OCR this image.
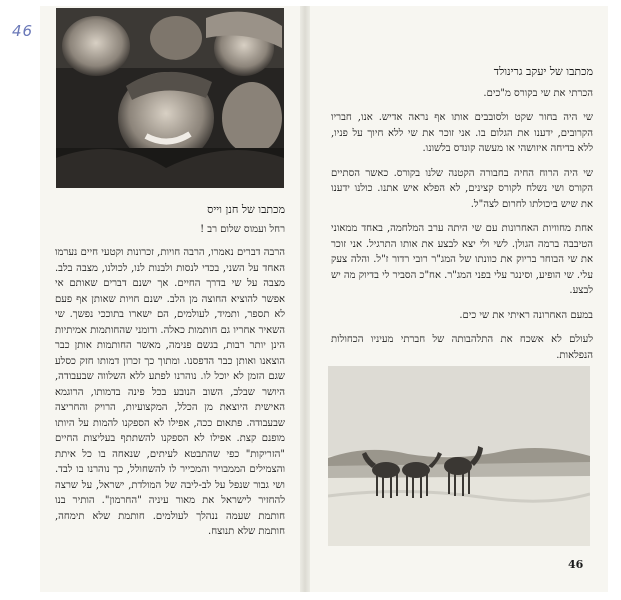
46
מכתבו של יעקב גרינולד

הכרתי את שי בקורס מ"כים.

שי היה בחור שקט ולסובבים אותו אף נראה אדיש. אנו, חבריו הקרובים, ידענו את הגלום בו. אני זוכר את שי ללא חיוך על פניו, ללא בדיחה איזושהי או מעשה קונדס בלשונו.

שי היה הרוח החיה בחבורה הקטנה שלנו בקורס. כאשר הסתיים הקורס ושי נשלח לקורס קצינים, לא הפלא איש אתנו. כולנו ידענו את שיש ביכולתו לחרום לצה"ל.

אחת מחוויות האחרונות עם שי היתה ערב המלחמה, באחד ממאוני הטיבבה ברמה הגולן. לשי ולי יצא לבצע את אותו התרגיל. אני זוכר את שי הבוחר בריוק את כוונתו של המג"ר רובי רדור ז"ל. והלה צעק עלי. שי הופיע, וסינגר עלי בפני המג"ר. אח"כ הסביר לי בדיוק מה יש לבצע.

במעם האחרונה ראיתי את שי כים.

לעולם לא אשכח את התלהבותה של חברתי מעיניו הכחולות הנפלאות.

מכתבו של חנן וייס
רחל ועמוס שלום רב !

הרבה דברים נאמרו, הרבה חויות, זכרונות וקטעי חיים נערמו האחד על השני, בכדי לנסות ולבנות לנו, לכולנו, מצבה בלב. מצבה על שי בדרך החיים. אך ישנם דברים שאותם אי אפשר להוציא החוצה מן הלב. ישנם חויות שאותן אף פעם לא תספר, ותמיד, לעולמים, הם ישארו בתוככי נפשך. שי השאיר אחריו גם חותמות כאלה. ודומני שהחותמות אמיתיות הינן יותר רבות, בגשם פנימה, מאשר החותמות אותן כבר הוצאנו ואותן כבר הדפסנו. ומתוך כך זכרון דמותו חזק כסלע שגם הזמן לא יוכל לו. נוהרנו לפתע ללא השלווה שבעבודה, היושר שבלב, השוב הנובע בכל פינה בדמותו, הרוגמא האישית היוצאת מן הכלל, המקצועיות, הרויק והחריצה שבעבודה. פתאום ככה, אפילו לא הספקנו להמות על היותו מופנם קצת. אפילו לא הספקנו להשתתף בעליצות החיים "הזריקות" כפי שהתבטא לעיתים, שנאחה בו כל איתת והצמילים הממבויר והמכייר לו להשחולל, כך נוהרנו בו לבד. ושי גבור שנפל על לב-ליבה של המולדת, ישראל, על שרצה להחזיר לישראל את מאור עיניה "החרמון". הותיר בנו חותמת שעמה ננהלך לעולמים. חותמת שלא תימחה, חותמת שלא תנוצח.

46
